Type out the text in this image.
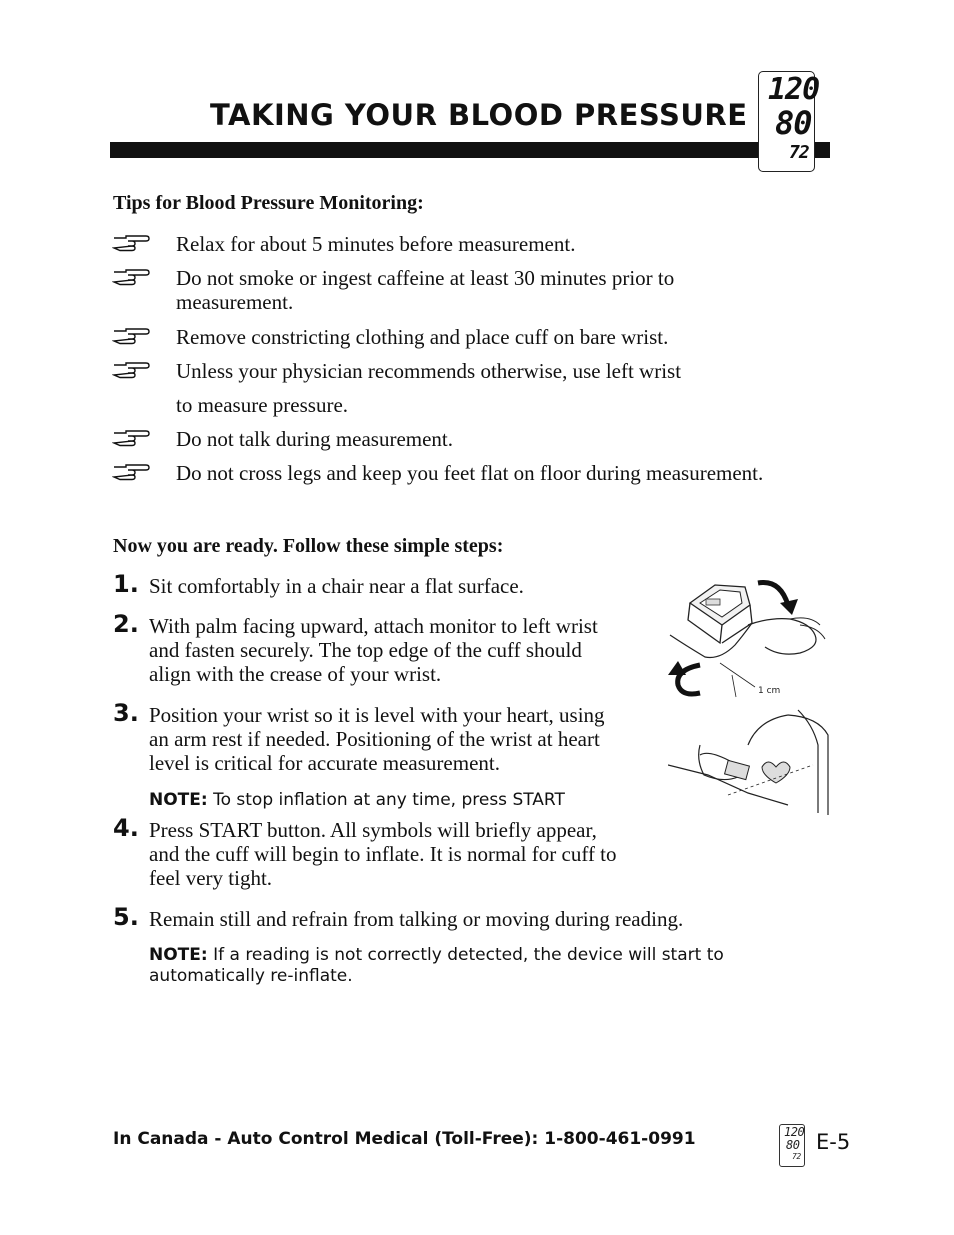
TAKING YOUR BLOOD PRESSURE
120
80
72
Tips for Blood Pressure Monitoring:
Relax for about 5 minutes before measurement.
Do not smoke or ingest caffeine at least 30 minutes prior to
measurement.
Remove constricting clothing and place cuff on bare wrist.
Unless your physician recommends otherwise, use left wrist
to measure pressure.
Do not talk during measurement.
Do not cross legs and keep you feet flat on floor during measurement.
Now you are ready. Follow these simple steps:
1. Sit comfortably in a chair near a flat surface.
2. With palm facing upward, attach monitor to left wrist
and fasten securely. The top edge of the cuff should
align with the crease of your wrist.
3. Position your wrist so it is level with your heart, using
an arm rest if needed. Positioning of the wrist at heart
level is critical for accurate measurement.
NOTE: To stop inflation at any time, press START
4. Press START button. All symbols will briefly appear,
and the cuff will begin to inflate. It is normal for cuff to
feel very tight.
5. Remain still and refrain from talking or moving during reading.
NOTE: If a reading is not correctly detected, the device will start to
automatically re-inflate.
1 cm
In Canada - Auto Control Medical (Toll-Free): 1-800-461-0991	120
80
72
E-5
